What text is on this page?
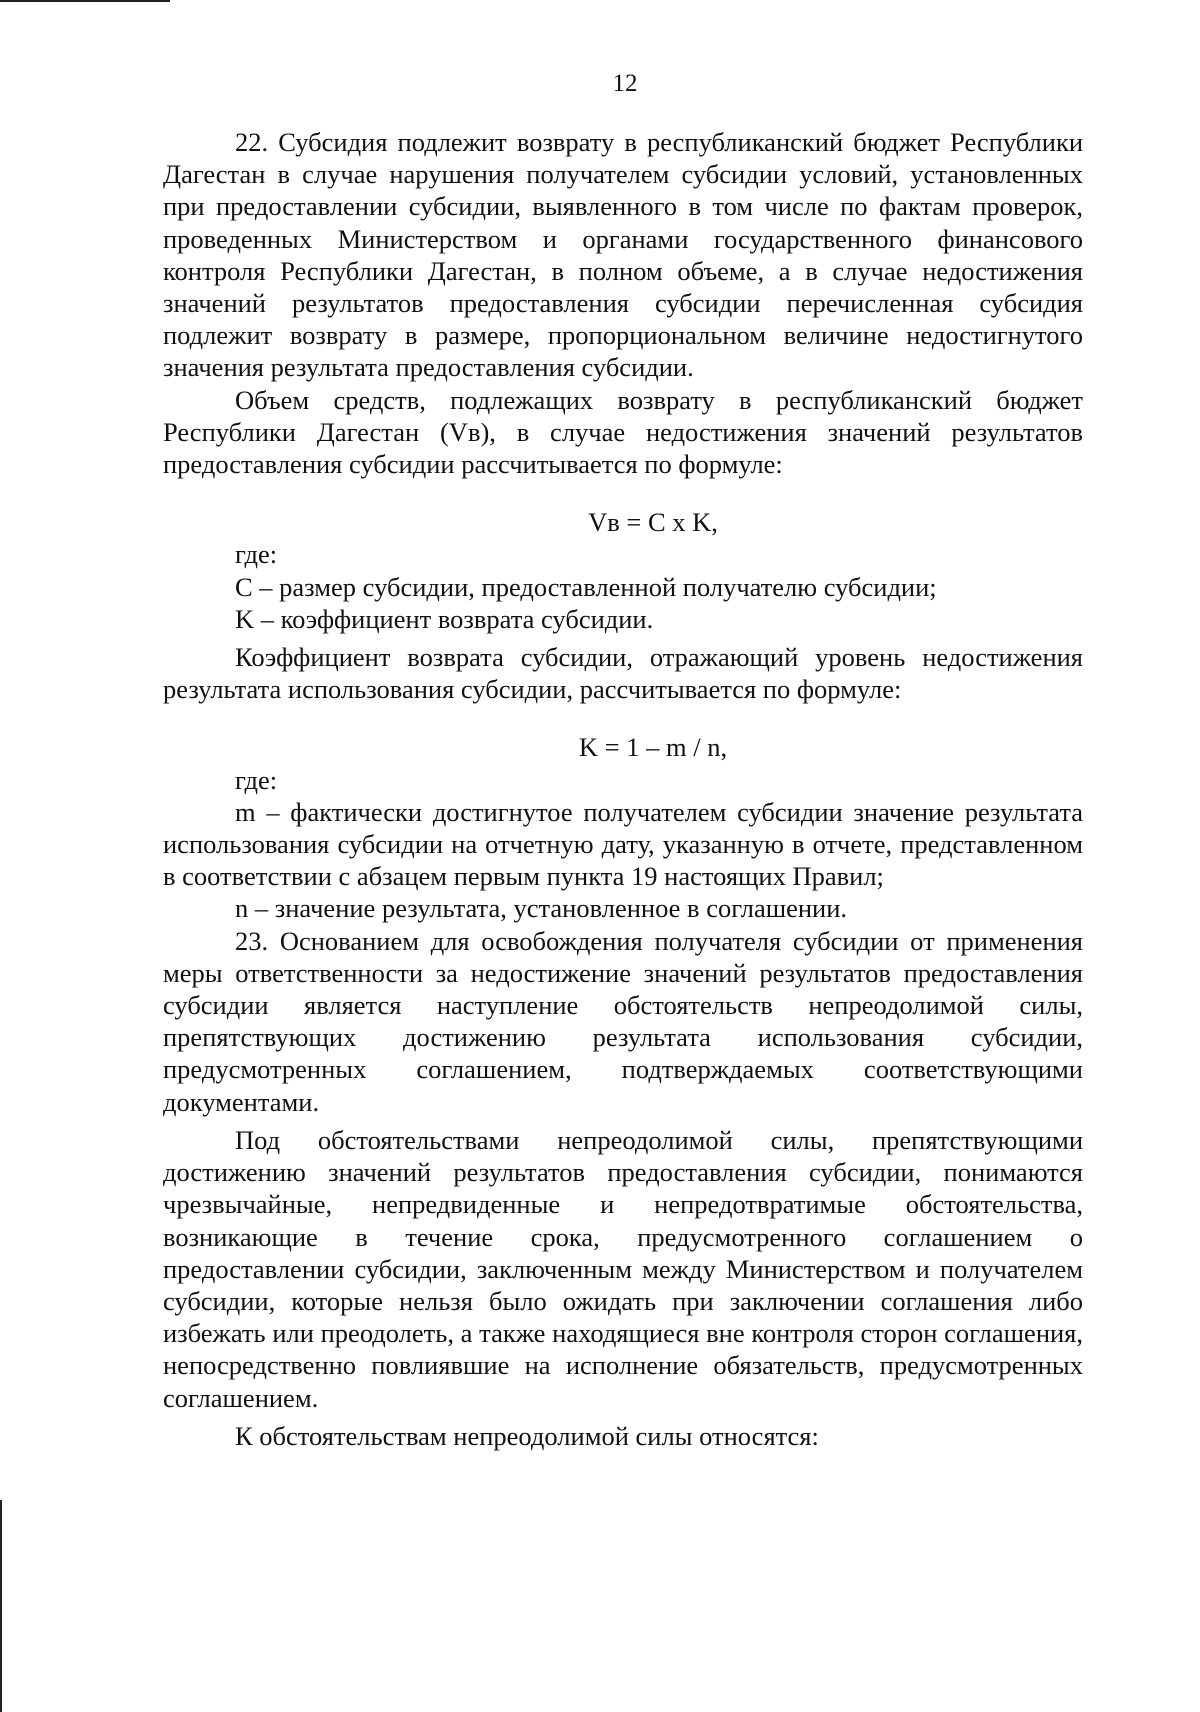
12

22. Субсидия подлежит возврату в республиканский бюджет Республики Дагестан в случае нарушения получателем субсидии условий, установленных при предоставлении субсидии, выявленного в том числе по фактам проверок, проведенных Министерством и органами государственного финансового контроля Республики Дагестан, в полном объеме, а в случае недостижения значений результатов предоставления субсидии перечисленная субсидия подлежит возврату в размере, пропорциональном величине недостигнутого значения результата предоставления субсидии.

Объем средств, подлежащих возврату в республиканский бюджет Республики Дагестан (Vв), в случае недостижения значений результатов предоставления субсидии рассчитывается по формуле:

Vв = С х K,

где:

С – размер субсидии, предоставленной получателю субсидии;

K – коэффициент возврата субсидии.

Коэффициент возврата субсидии, отражающий уровень недостижения результата использования субсидии, рассчитывается по формуле:

K = 1 – m / n,

где:

m – фактически достигнутое получателем субсидии значение результата использования субсидии на отчетную дату, указанную в отчете, представленном в соответствии с абзацем первым пункта 19 настоящих Правил;

n – значение результата, установленное в соглашении.

23. Основанием для освобождения получателя субсидии от применения меры ответственности за недостижение значений результатов предоставления субсидии является наступление обстоятельств непреодолимой силы, препятствующих достижению результата использования субсидии, предусмотренных соглашением, подтверждаемых соответствующими документами.

Под обстоятельствами непреодолимой силы, препятствующими достижению значений результатов предоставления субсидии, понимаются чрезвычайные, непредвиденные и непредотвратимые обстоятельства, возникающие в течение срока, предусмотренного соглашением о предоставлении субсидии, заключенным между Министерством и получателем субсидии, которые нельзя было ожидать при заключении соглашения либо избежать или преодолеть, а также находящиеся вне контроля сторон соглашения, непосредственно повлиявшие на исполнение обязательств, предусмотренных соглашением.

К обстоятельствам непреодолимой силы относятся:
